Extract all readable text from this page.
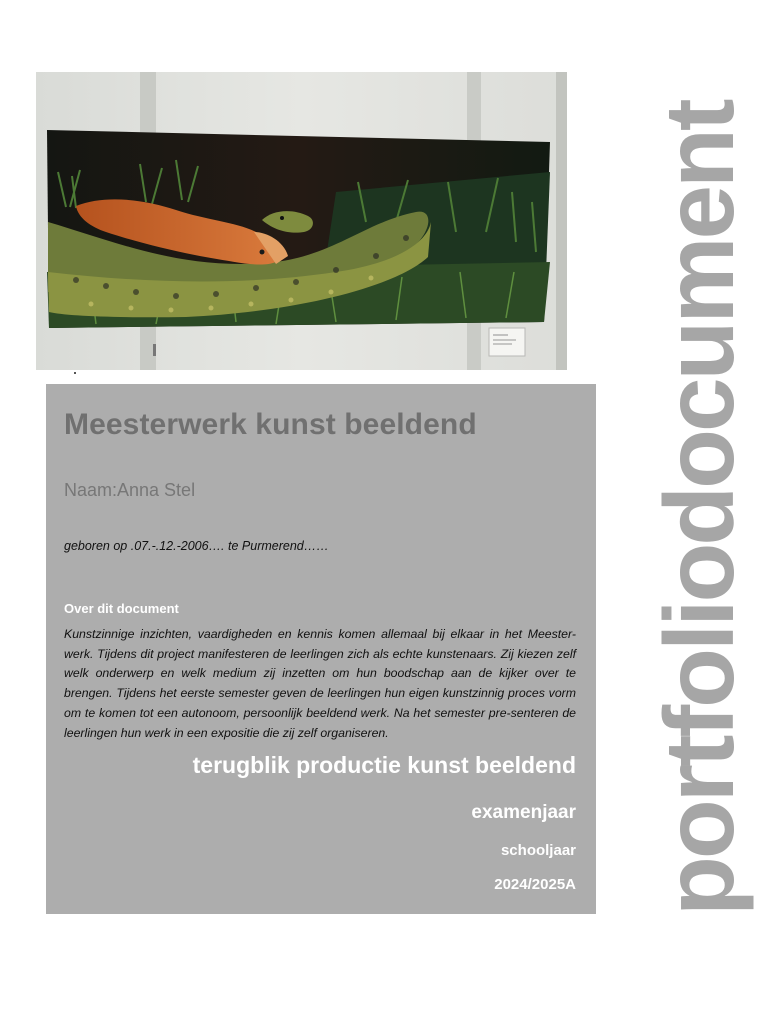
Meesterwerk kunst beeldend
Naam:Anna Stel
geboren op .07.-.12.-2006…. te Purmerend……
Over dit document

Kunstzinnige inzichten, vaardigheden en kennis komen allemaal bij elkaar in het Meester-werk. Tijdens dit project manifesteren de leerlingen zich als echte kunstenaars. Zij kiezen zelf welk onderwerp en welk medium zij inzetten om hun boodschap aan de kijker over te brengen. Tijdens het eerste semester geven de leerlingen hun eigen kunstzinnig proces vorm om te komen tot een autonoom, persoonlijk beeldend werk. Na het semester pre-senteren de leerlingen hun werk in een expositie die zij zelf organiseren.

terugblik productie kunst beeldend
examenjaar
schooljaar
2024/2025A portfoliodocument
